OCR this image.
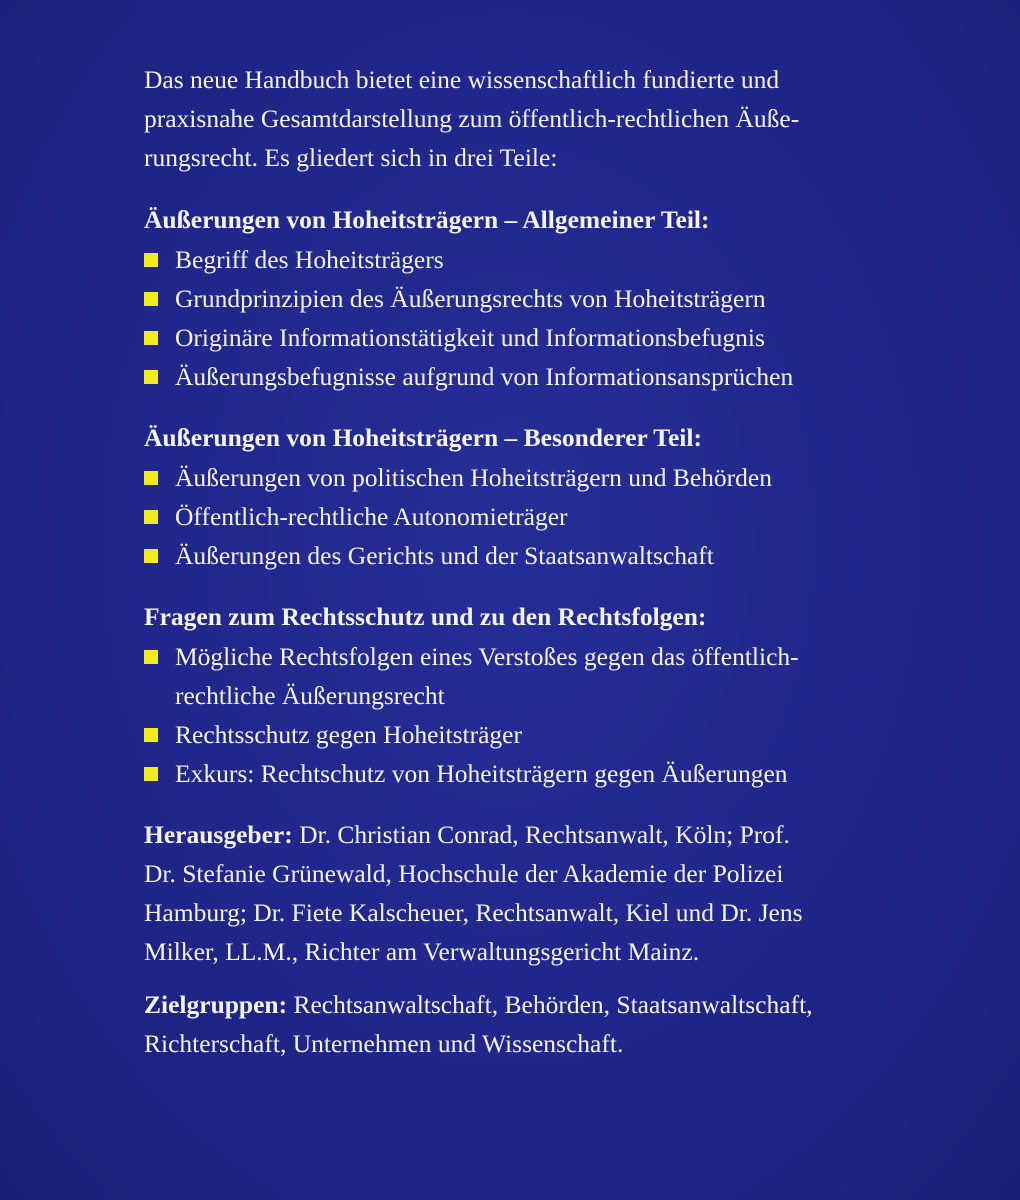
Das neue Handbuch bietet eine wissenschaftlich fundierte und
praxisnahe Gesamtdarstellung zum öffentlich-rechtlichen Äuße-
rungsrecht. Es gliedert sich in drei Teile:

Äußerungen von Hoheitsträgern – Allgemeiner Teil:

Begriff des Hoheitsträgers
Grundprinzipien des Äußerungsrechts von Hoheitsträgern
Originäre Informationstätigkeit und Informationsbefugnis
Äußerungsbefugnisse aufgrund von Informationsansprüchen

Äußerungen von Hoheitsträgern – Besonderer Teil:

Äußerungen von politischen Hoheitsträgern und Behörden
Öffentlich-rechtliche Autonomieträger
Äußerungen des Gerichts und der Staatsanwaltschaft

Fragen zum Rechtsschutz und zu den Rechtsfolgen:

Mögliche Rechtsfolgen eines Verstoßes gegen das öffentlich-
rechtliche Äußerungsrecht
Rechtsschutz gegen Hoheitsträger
Exkurs: Rechtschutz von Hoheitsträgern gegen Äußerungen
Herausgeber: Dr. Christian Conrad, Rechtsanwalt, Köln; Prof.
Dr. Stefanie Grünewald, Hochschule der Akademie der Polizei
Hamburg; Dr. Fiete Kalscheuer, Rechtsanwalt, Kiel und Dr. Jens
Milker, LL.M., Richter am Verwaltungsgericht Mainz.
Zielgruppen: Rechtsanwaltschaft, Behörden, Staatsanwaltschaft,
Richterschaft, Unternehmen und Wissenschaft.
